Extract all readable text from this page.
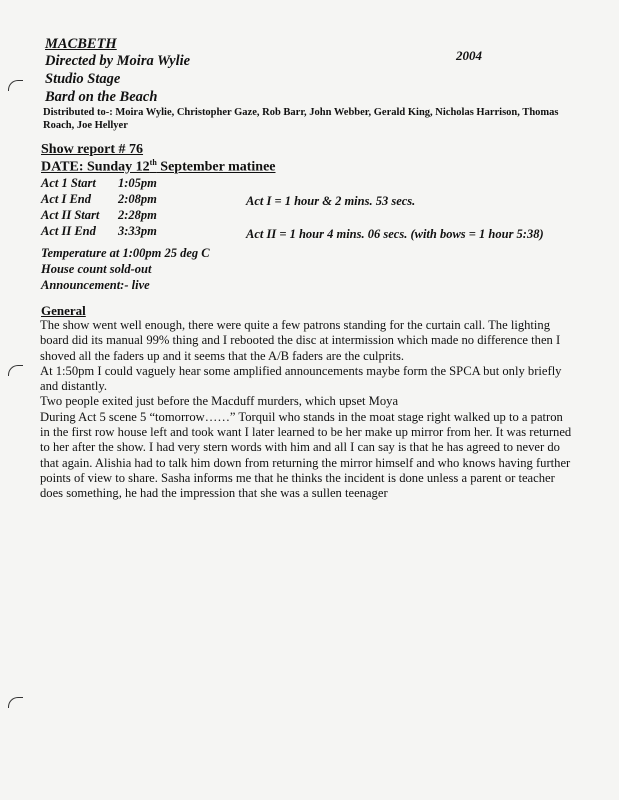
MACBETH
2004
Directed by Moira Wylie
Studio Stage
Bard on the Beach
Distributed to-: Moira Wylie, Christopher Gaze, Rob Barr, John Webber, Gerald King, Nicholas Harrison, Thomas
Roach, Joe Hellyer
Show report # 76
DATE: Sunday 12th September matinee
Act 1 Start 1:05pm
Act I End 2:08pm
Act II Start 2:28pm
Act II End 3:33pm
Act I = 1 hour & 2 mins. 53 secs.
Act II = 1 hour 4 mins. 06 secs. (with bows = 1 hour 5:38)
Temperature at 1:00pm 25 deg C
House count sold-out
Announcement:- live
General
The show went well enough, there were quite a few patrons standing for the curtain call. The lighting
board did its manual 99% thing and I rebooted the disc at intermission which made no difference then I
shoved all the faders up and it seems that the A/B faders are the culprits.
At 1:50pm I could vaguely hear some amplified announcements maybe form the SPCA but only briefly
and distantly.
Two people exited just before the Macduff murders, which upset Moya
During Act 5 scene 5 “tomorrow……” Torquil who stands in the moat stage right walked up to a patron
in the first row house left and took want I later learned to be her make up mirror from her. It was returned
to her after the show. I had very stern words with him and all I can say is that he has agreed to never do
that again. Alishia had to talk him down from returning the mirror himself and who knows having further
points of view to share. Sasha informs me that he thinks the incident is done unless a parent or teacher
does something, he had the impression that she was a sullen teenager
